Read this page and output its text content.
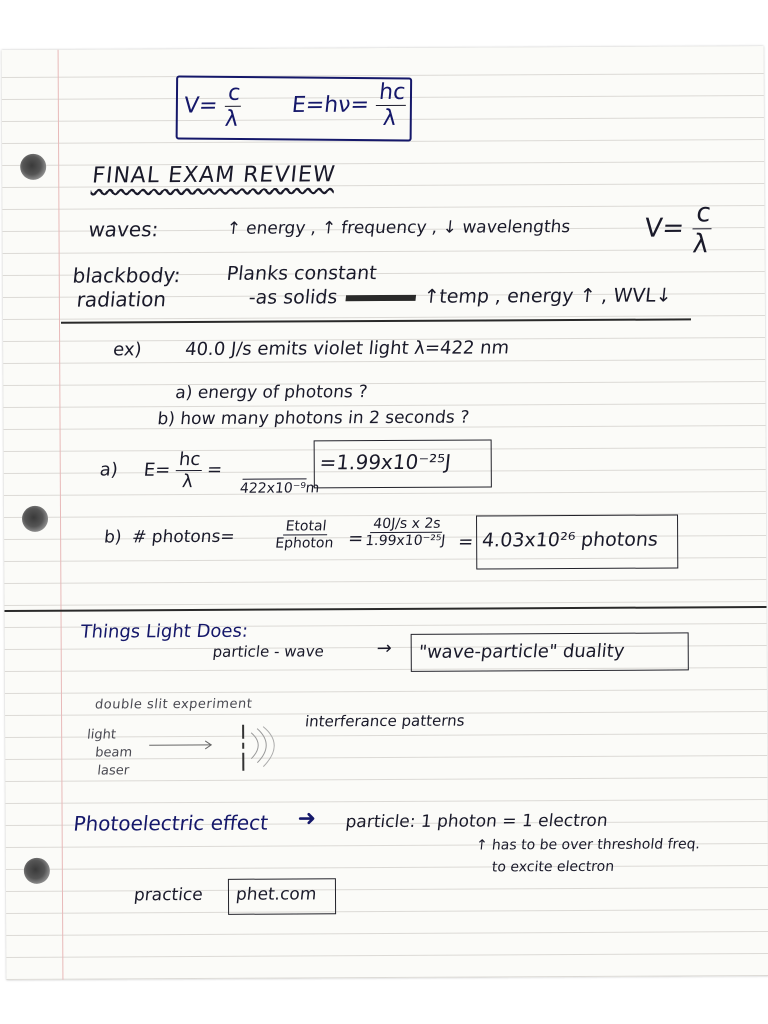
$V= \frac{c}{\lambda} E=h\nu= \frac{hc}{\lambda}$
FINAL EXAM REVIEW
waves:	↑ energy , ↑ frequency , ↓ wavelengths	$V= \frac{c}{\lambda}$
blackbody:
radiation
Planks constant
-as solids	↑temp , energy ↑ , WVL↓
ex) 40.0 J/s emits violet light λ=422 nm
a) energy of photons ?
b) how many photons in 2 seconds ?
a) $E= \frac{hc}{\lambda}$ =
422x10⁻⁹m
=1.99x10⁻²⁵J
b) # photons=	$\frac{\text{Etotal}}{\text{Ephoton}}$ =
$\frac{\text{40J/s x 2s}}{\text{1.99x10⁻²⁵J}} = 4.03x10^{26}$ photons
Things Light Does:
particle - wave	→ "wave-particle" duality
double slit experiment
light
beam
laser
interferance patterns
Photoelectric effect ➜ particle: 1 photon = 1 electron
↑ has to be over threshold freq.
to excite electron
practice phet.com
